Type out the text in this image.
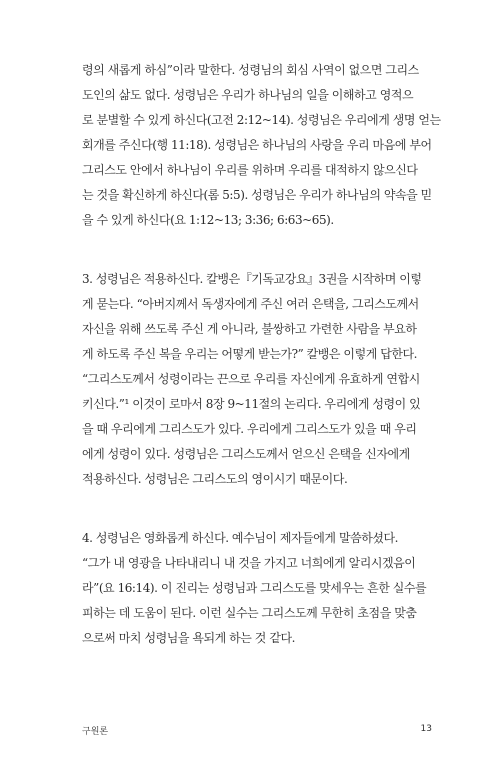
령의 새롭게 하심”이라 말한다. 성령님의 회심 사역이 없으면 그리스
도인의 삶도 없다. 성령님은 우리가 하나님의 일을 이해하고 영적으
로 분별할 수 있게 하신다(고전 2:12~14). 성령님은 우리에게 생명 얻는
회개를 주신다(행 11:18). 성령님은 하나님의 사랑을 우리 마음에 부어
그리스도 안에서 하나님이 우리를 위하며 우리를 대적하지 않으신다
는 것을 확신하게 하신다(롬 5:5). 성령님은 우리가 하나님의 약속을 믿
을 수 있게 하신다(요 1:12~13; 3:36; 6:63~65).
3. 성령님은 적용하신다. 칼뱅은『기독교강요』3권을 시작하며 이렇
게 묻는다. “아버지께서 독생자에게 주신 여러 은택을, 그리스도께서
자신을 위해 쓰도록 주신 게 아니라, 불쌍하고 가련한 사람을 부요하
게 하도록 주신 복을 우리는 어떻게 받는가?” 칼뱅은 이렇게 답한다.
“그리스도께서 성령이라는 끈으로 우리를 자신에게 유효하게 연합시
키신다.”¹ 이것이 로마서 8장 9~11절의 논리다. 우리에게 성령이 있
을 때 우리에게 그리스도가 있다. 우리에게 그리스도가 있을 때 우리
에게 성령이 있다. 성령님은 그리스도께서 얻으신 은택을 신자에게
적용하신다. 성령님은 그리스도의 영이시기 때문이다.
4. 성령님은 영화롭게 하신다. 예수님이 제자들에게 말씀하셨다.
“그가 내 영광을 나타내리니 내 것을 가지고 너희에게 알리시겠음이
라”(요 16:14). 이 진리는 성령님과 그리스도를 맞세우는 흔한 실수를
피하는 데 도움이 된다. 이런 실수는 그리스도께 무한히 초점을 맞춤
으로써 마치 성령님을 욕되게 하는 것 같다.
구원론	13
